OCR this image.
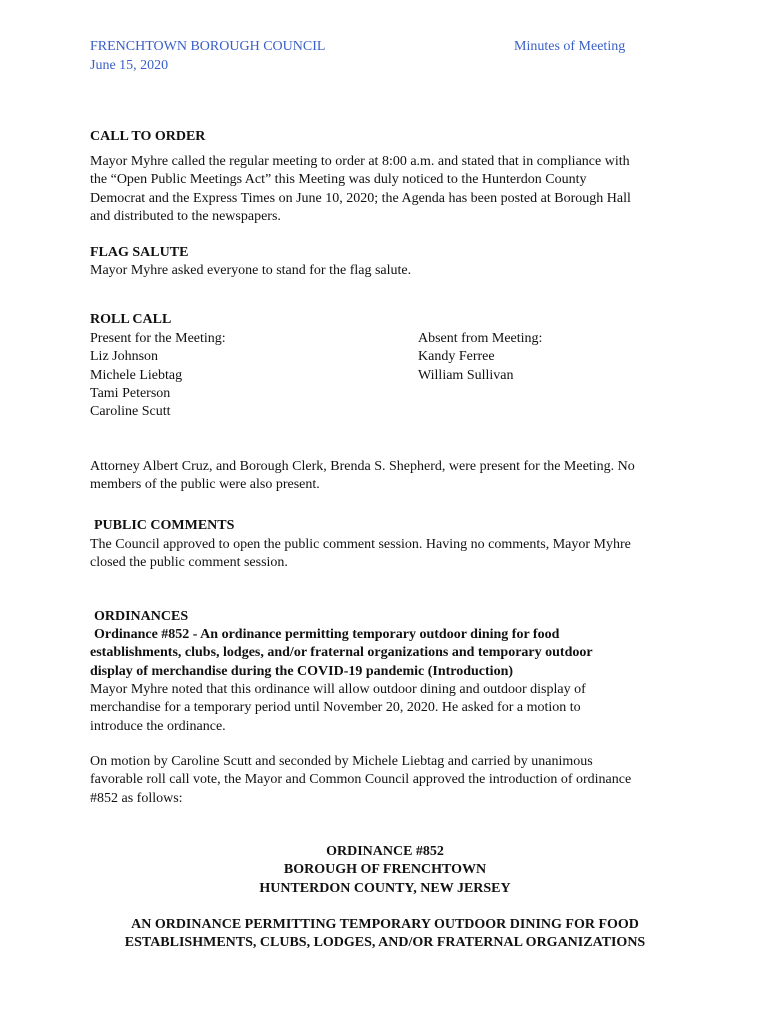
FRENCHTOWN BOROUGH COUNCIL
June 15, 2020
Minutes of Meeting
CALL TO ORDER
Mayor Myhre called the regular meeting to order at 8:00 a.m. and stated that in compliance with
the “Open Public Meetings Act” this Meeting was duly noticed to the Hunterdon County
Democrat and the Express Times on June 10, 2020; the Agenda has been posted at Borough Hall
and distributed to the newspapers.
FLAG SALUTE
Mayor Myhre asked everyone to stand for the flag salute.
ROLL CALL
Present for the Meeting:
Liz Johnson
Michele Liebtag
Tami Peterson
Caroline Scutt
Absent from Meeting:
Kandy Ferree
William Sullivan
Attorney Albert Cruz, and Borough Clerk, Brenda S. Shepherd, were present for the Meeting. No
members of the public were also present.
PUBLIC COMMENTS
The Council approved to open the public comment session. Having no comments, Mayor Myhre
closed the public comment session.
ORDINANCES
Ordinance #852 - An ordinance permitting temporary outdoor dining for food
establishments, clubs, lodges, and/or fraternal organizations and temporary outdoor
display of merchandise during the COVID-19 pandemic (Introduction)
Mayor Myhre noted that this ordinance will allow outdoor dining and outdoor display of
merchandise for a temporary period until November 20, 2020. He asked for a motion to
introduce the ordinance.
On motion by Caroline Scutt and seconded by Michele Liebtag and carried by unanimous
favorable roll call vote, the Mayor and Common Council approved the introduction of ordinance
#852 as follows:
ORDINANCE #852
BOROUGH OF FRENCHTOWN
HUNTERDON COUNTY, NEW JERSEY
AN ORDINANCE PERMITTING TEMPORARY OUTDOOR DINING FOR FOOD
ESTABLISHMENTS, CLUBS, LODGES, AND/OR FRATERNAL ORGANIZATIONS
